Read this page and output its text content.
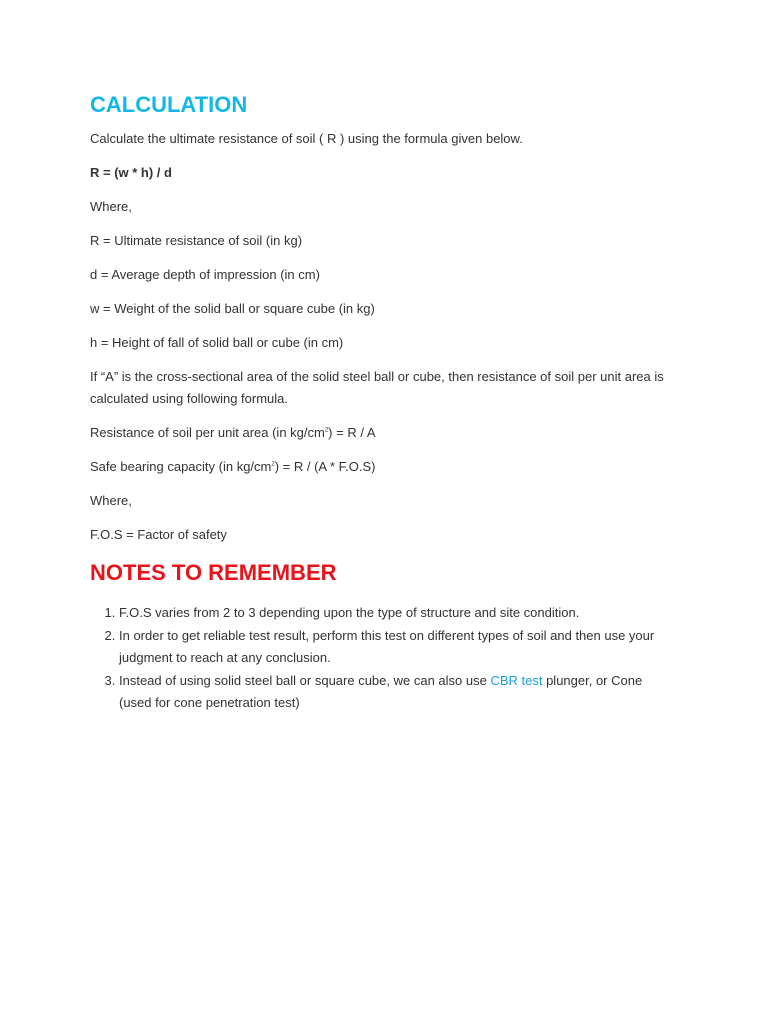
CALCULATION

Calculate the ultimate resistance of soil ( R ) using the formula given below.

R = (w * h) / d

Where,

R = Ultimate resistance of soil (in kg)

d = Average depth of impression (in cm)

w = Weight of the solid ball or square cube (in kg)

h = Height of fall of solid ball or cube (in cm)

If “A” is the cross-sectional area of the solid steel ball or cube, then resistance of soil per unit area is calculated using following formula.

Resistance of soil per unit area (in $kg/cm^2) = R / A$

Safe bearing capacity (in $kg/cm^2) = R / (A * F.O.S)$

Where,

F.O.S = Factor of safety

NOTES TO REMEMBER
1. F.O.S varies from 2 to 3 depending upon the type of structure and site condition.
2. In order to get reliable test result, perform this test on different types of soil and then use your judgment to reach at any conclusion.
3. Instead of using solid steel ball or square cube, we can also use CBR test plunger, or Cone (used for cone penetration test)
